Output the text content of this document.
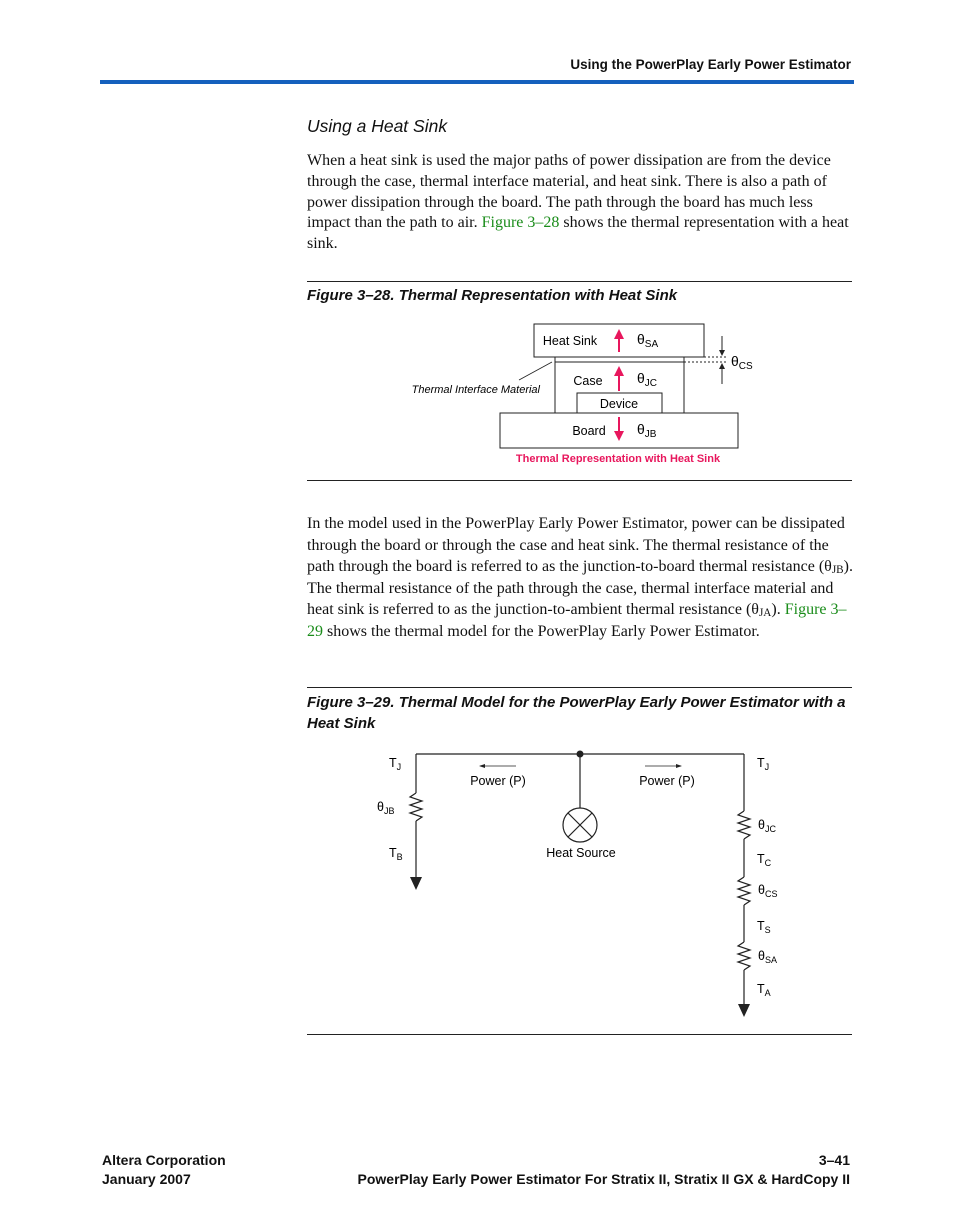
Using the PowerPlay Early Power Estimator
Using a Heat Sink
When a heat sink is used the major paths of power dissipation are from the device through the case, thermal interface material, and heat sink. There is also a path of power dissipation through the board. The path through the board has much less impact than the path to air. Figure 3–28 shows the thermal representation with a heat sink.
Figure 3–28. Thermal Representation with Heat Sink
Heat Sink
Case
Device
Board
$\theta_{SA}$
$\theta_{JC}$
$\theta_{JB}$
$\theta_{CS}$
Thermal Interface Material
Thermal Representation with Heat Sink
In the model used in the PowerPlay Early Power Estimator, power can be dissipated through the board or through the case and heat sink. The thermal resistance of the path through the board is referred to as the junction-to-board thermal resistance $(\theta_{JB})$. The thermal resistance of the path through the case, thermal interface material and heat sink is referred to as the junction-to-ambient thermal resistance $(\theta_{JA})$. Figure 3–29 shows the thermal model for the PowerPlay Early Power Estimator.
Figure 3–29. Thermal Model for the PowerPlay Early Power Estimator with a Heat Sink
Heat Source
Power (P)	Power (P)
$T_J$
$\theta_{JB}$
$T_B$
$T_J$
$\theta_{JC}$
$T_C$
$\theta_{CS}$
$T_S$
$\theta_{SA}$
$T_A$
Altera Corporation
January 2007
3–41
PowerPlay Early Power Estimator For Stratix II, Stratix II GX & HardCopy II
